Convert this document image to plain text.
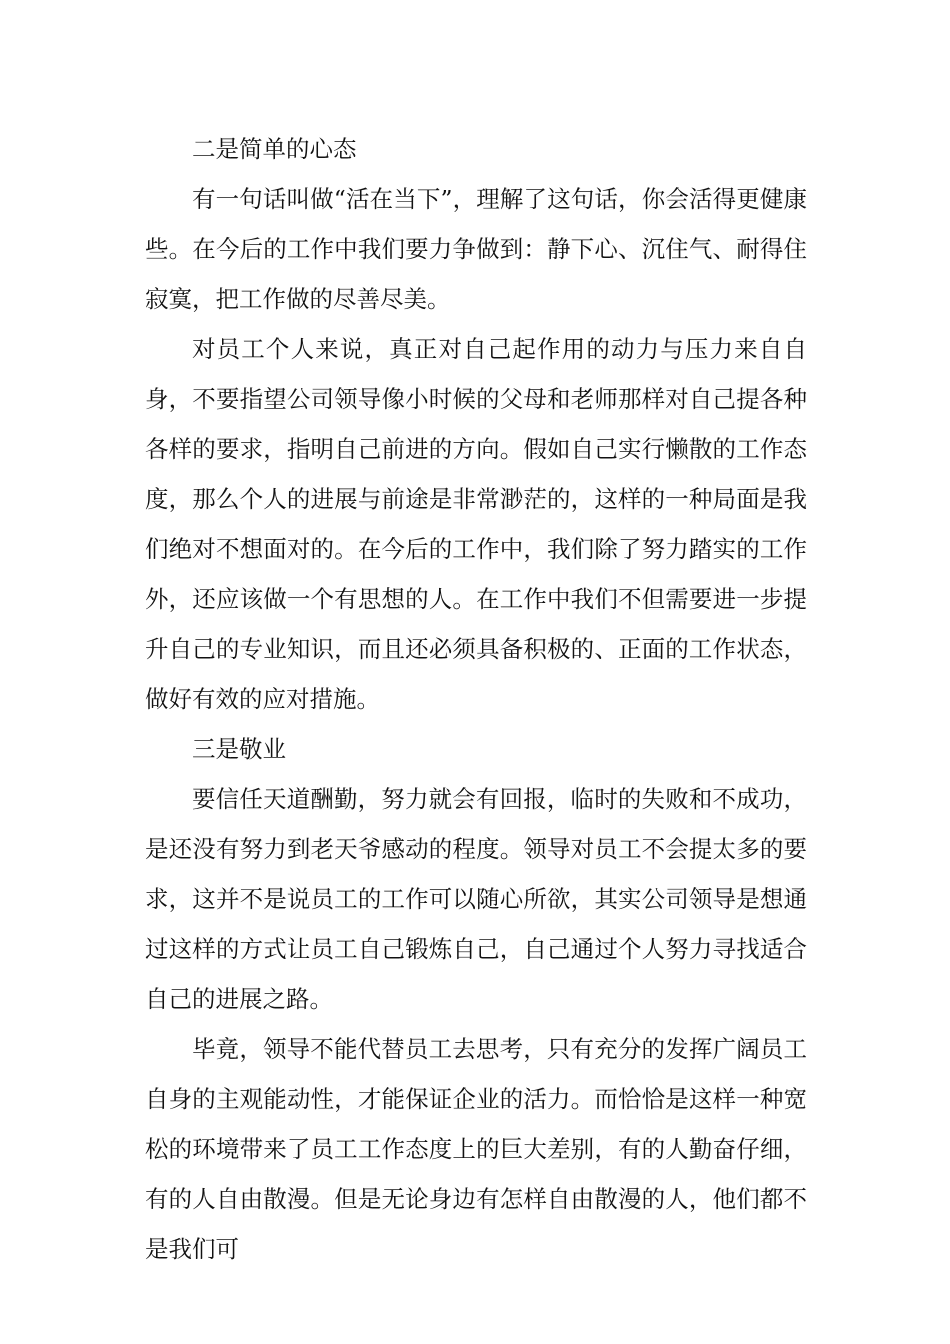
二是简单的心态

有一句话叫做“活在当下”，理解了这句话，你会活得更健康些。在今后的工作中我们要力争做到：静下心、沉住气、耐得住寂寞，把工作做的尽善尽美。

对员工个人来说，真正对自己起作用的动力与压力来自自身，不要指望公司领导像小时候的父母和老师那样对自己提各种各样的要求，指明自己前进的方向。假如自己实行懒散的工作态度，那么个人的进展与前途是非常渺茫的，这样的一种局面是我们绝对不想面对的。在今后的工作中，我们除了努力踏实的工作外，还应该做一个有思想的人。在工作中我们不但需要进一步提升自己的专业知识，而且还必须具备积极的、正面的工作状态，做好有效的应对措施。

三是敬业

要信任天道酬勤，努力就会有回报，临时的失败和不成功，是还没有努力到老天爷感动的程度。领导对员工不会提太多的要求，这并不是说员工的工作可以随心所欲，其实公司领导是想通过这样的方式让员工自己锻炼自己，自己通过个人努力寻找适合自己的进展之路。

毕竟，领导不能代替员工去思考，只有充分的发挥广阔员工自身的主观能动性，才能保证企业的活力。而恰恰是这样一种宽松的环境带来了员工工作态度上的巨大差别，有的人勤奋仔细，有的人自由散漫。但是无论身边有怎样自由散漫的人，他们都不是我们可
